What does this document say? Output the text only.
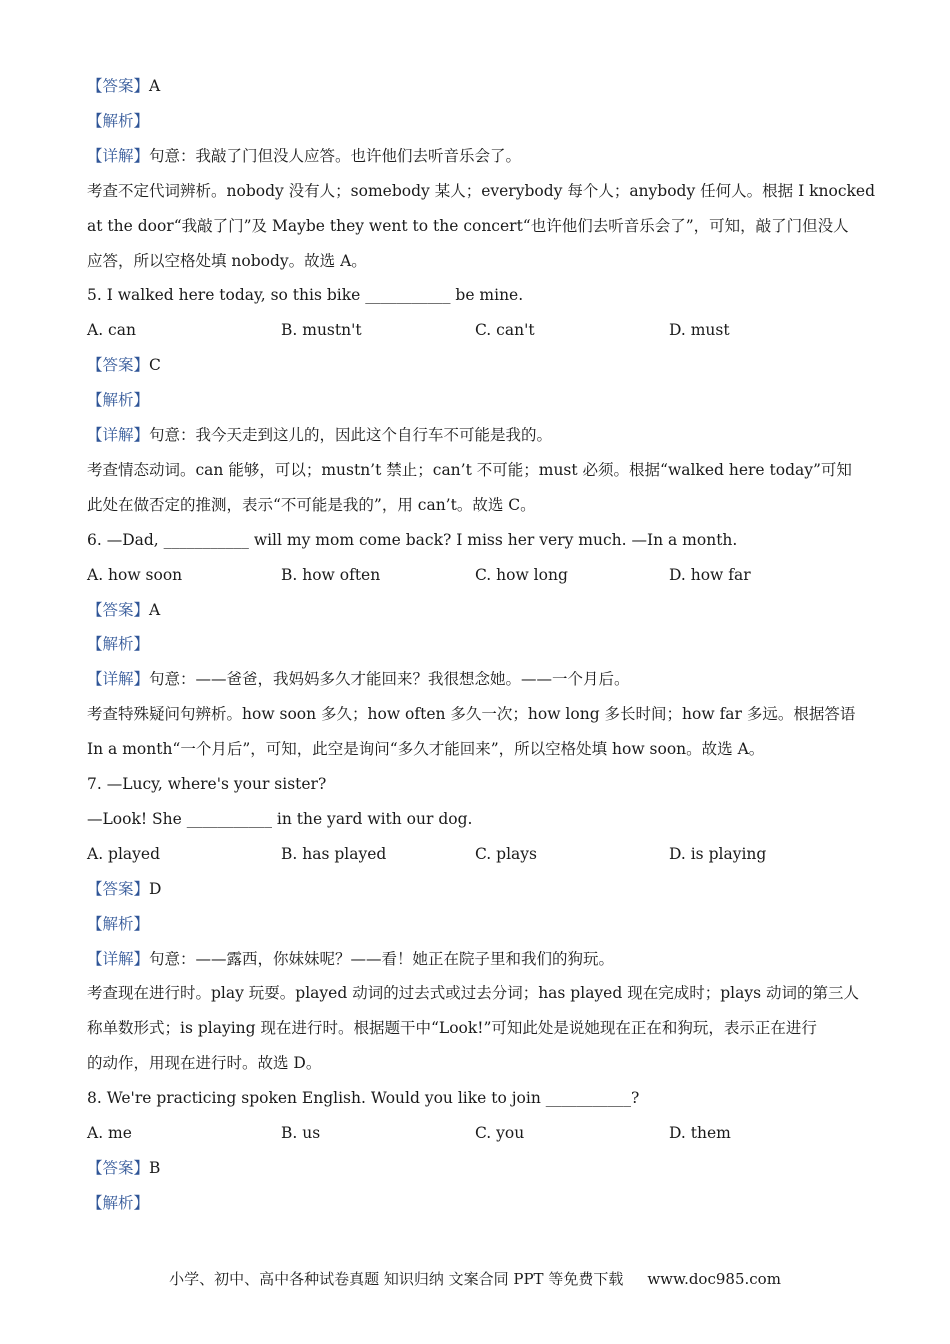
【答案】A
【解析】
【详解】句意：我敲了门但没人应答。也许他们去听音乐会了。
考查不定代词辨析。nobody 没有人；somebody 某人；everybody 每个人；anybody 任何人。根据 I knocked
at the door“我敲了门”及 Maybe they went to the concert“也许他们去听音乐会了”，可知，敲了门但没人
应答，所以空格处填 nobody。故选 A。
5. I walked here today, so this bike ___________ be mine.
A. can	B. mustn't	C. can't	D. must
【答案】C
【解析】
【详解】句意：我今天走到这儿的，因此这个自行车不可能是我的。
考查情态动词。can 能够，可以；mustn’t 禁止；can’t 不可能；must 必须。根据“walked here today”可知
此处在做否定的推测，表示“不可能是我的”，用 can’t。故选 C。
6. —Dad, ___________ will my mom come back? I miss her very much. —In a month.
A. how soon	B. how often	C. how long	D. how far
【答案】A
【解析】
【详解】句意：——爸爸，我妈妈多久才能回来？我很想念她。——一个月后。
考查特殊疑问句辨析。how soon 多久；how often 多久一次；how long 多长时间；how far 多远。根据答语
In a month“一个月后”，可知，此空是询问“多久才能回来”，所以空格处填 how soon。故选 A。
7. —Lucy, where's your sister?
—Look! She ___________ in the yard with our dog.
A. played	B. has played	C. plays	D. is playing
【答案】D
【解析】
【详解】句意：——露西，你妹妹呢？——看！她正在院子里和我们的狗玩。
考查现在进行时。play 玩耍。played 动词的过去式或过去分词；has played 现在完成时；plays 动词的第三人
称单数形式；is playing 现在进行时。根据题干中“Look!”可知此处是说她现在正在和狗玩，表示正在进行
的动作，用现在进行时。故选 D。
8. We're practicing spoken English. Would you like to join ___________?
A. me	B. us	C. you	D. them
【答案】B
【解析】
小学、初中、高中各种试卷真题 知识归纳 文案合同 PPT 等免费下载 www.doc985.com
